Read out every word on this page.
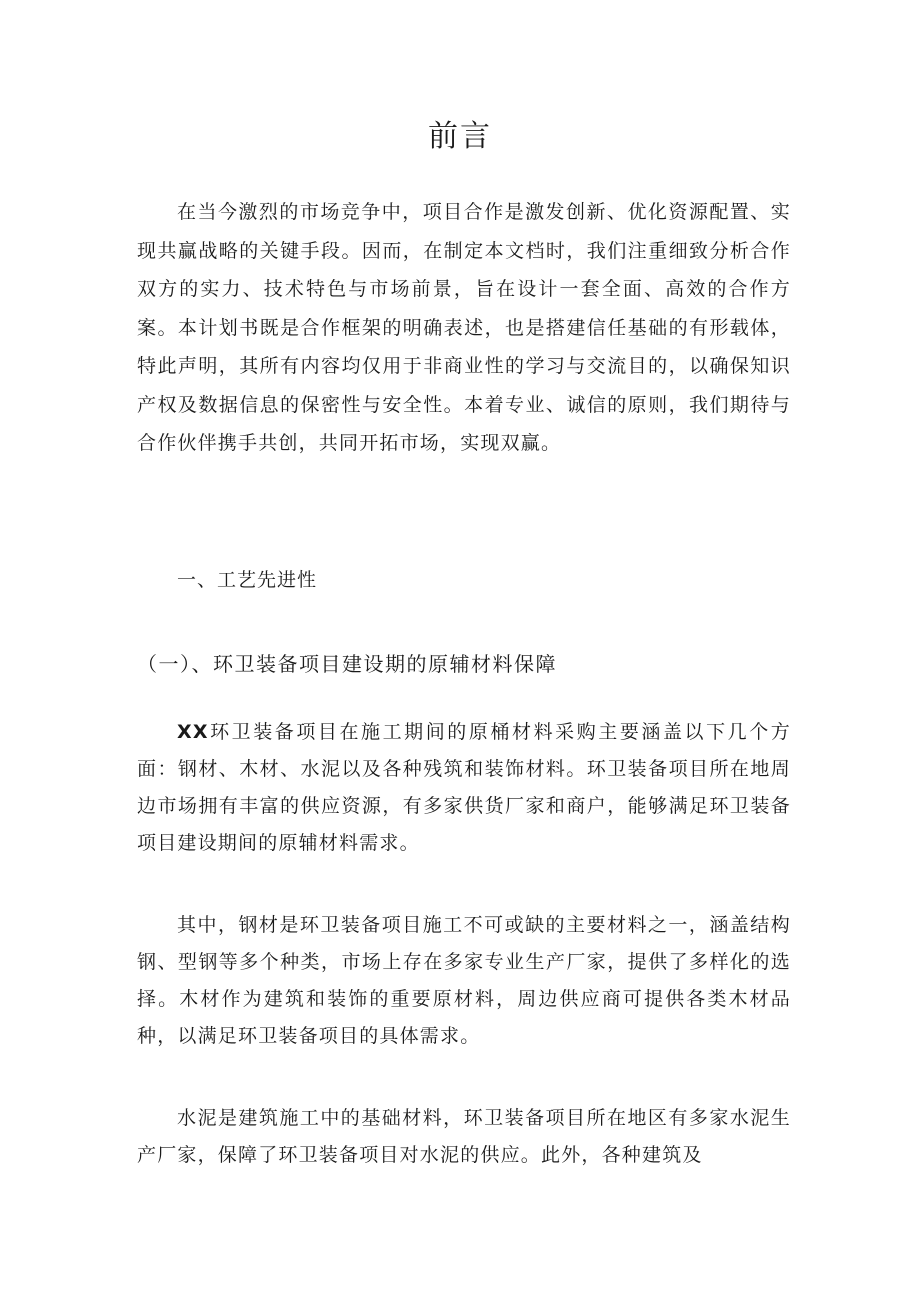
前言

在当今激烈的市场竞争中，项目合作是激发创新、优化资源配置、实现共赢战略的关键手段。因而，在制定本文档时，我们注重细致分析合作双方的实力、技术特色与市场前景，旨在设计一套全面、高效的合作方案。本计划书既是合作框架的明确表述，也是搭建信任基础的有形载体，特此声明，其所有内容均仅用于非商业性的学习与交流目的，以确保知识产权及数据信息的保密性与安全性。本着专业、诚信的原则，我们期待与合作伙伴携手共创，共同开拓市场，实现双赢。

一、工艺先进性
（一）、环卫装备项目建设期的原辅材料保障

XX环卫装备项目在施工期间的原桶材料采购主要涵盖以下几个方面：钢材、木材、水泥以及各种残筑和装饰材料。环卫装备项目所在地周边市场拥有丰富的供应资源，有多家供货厂家和商户，能够满足环卫装备项目建设期间的原辅材料需求。

其中，钢材是环卫装备项目施工不可或缺的主要材料之一，涵盖结构钢、型钢等多个种类，市场上存在多家专业生产厂家，提供了多样化的选择。木材作为建筑和装饰的重要原材料，周边供应商可提供各类木材品种，以满足环卫装备项目的具体需求。

水泥是建筑施工中的基础材料，环卫装备项目所在地区有多家水泥生产厂家，保障了环卫装备项目对水泥的供应。此外，各种建筑及
